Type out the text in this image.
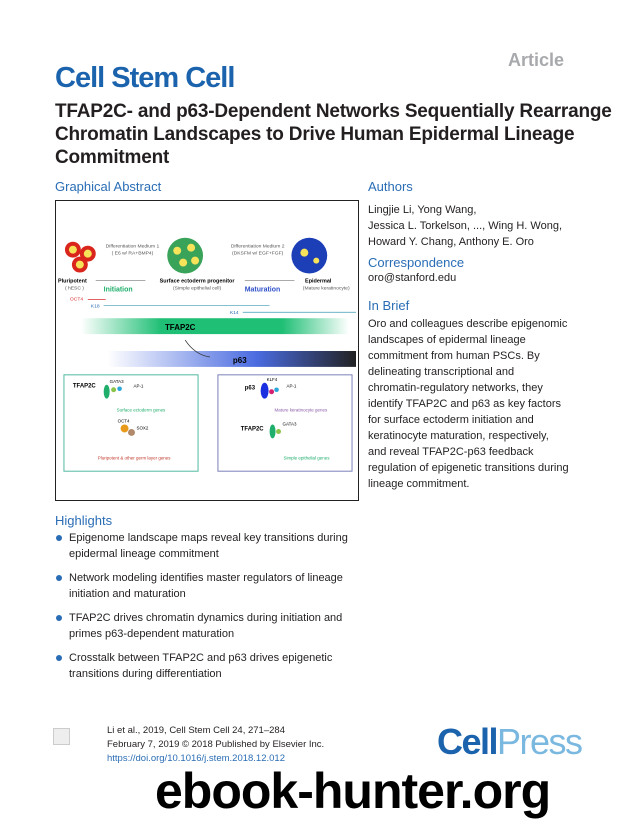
Article
Cell Stem Cell
TFAP2C- and p63-Dependent Networks Sequentially Rearrange Chromatin Landscapes to Drive Human Epidermal Lineage Commitment
Graphical Abstract
Differentiation Medium 1
( E6 w/ RA+BMP4)
Differentiation Medium 2
(DKSFM w/ EGF+FGF)
Pluripotent
( hESC )
Surface ectoderm progenitor
(Simple epithelial cell)
Epidermal
(Mature keratinocyte)
Initiation	Maturation
OCT4
K18
K14
TFAP2C
p63
TFAP2C
GATA3
AP-1
Surface ectoderm genes
OCT4
SOX2
Pluripotent & other germ layer genes
p63
KLF4
AP-1
Mature keratinocyte genes
TFAP2C
GATA3
Simple epithelial genes
Authors
Lingjie Li, Yong Wang,
Jessica L. Torkelson, ..., Wing H. Wong,
Howard Y. Chang, Anthony E. Oro
Correspondence
oro@stanford.edu
In Brief
Oro and colleagues describe epigenomic
landscapes of epidermal lineage
commitment from human PSCs. By
delineating transcriptional and
chromatin-regulatory networks, they
identify TFAP2C and p63 as key factors
for surface ectoderm initiation and
keratinocyte maturation, respectively,
and reveal TFAP2C-p63 feedback
regulation of epigenetic transitions during
lineage commitment.
Highlights
Epigenome landscape maps reveal key transitions during epidermal lineage commitment
Network modeling identifies master regulators of lineage initiation and maturation
TFAP2C drives chromatin dynamics during initiation and primes p63-dependent maturation
Crosstalk between TFAP2C and p63 drives epigenetic transitions during differentiation
Li et al., 2019, Cell Stem Cell 24, 271–284
February 7, 2019 © 2018 Published by Elsevier Inc.
https://doi.org/10.1016/j.stem.2018.12.012	CellPress
ebook-hunter.org
